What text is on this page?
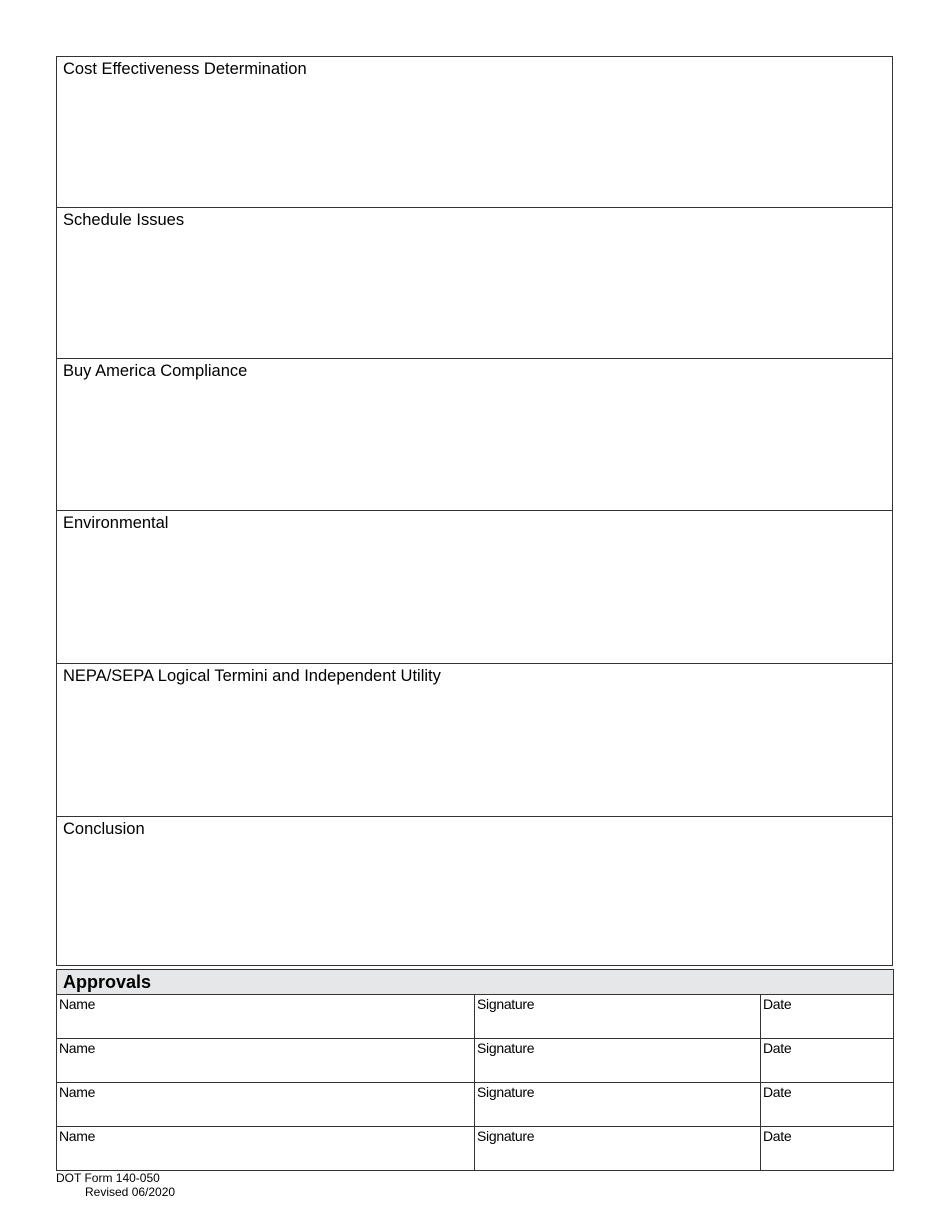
Cost Effectiveness Determination
Schedule Issues
Buy America Compliance
Environmental
NEPA/SEPA Logical Termini and Independent Utility
Conclusion
Approvals
Name	Signature	Date
Name	Signature	Date
Name	Signature	Date
Name	Signature	Date
DOT Form 140-050
Revised 06/2020
